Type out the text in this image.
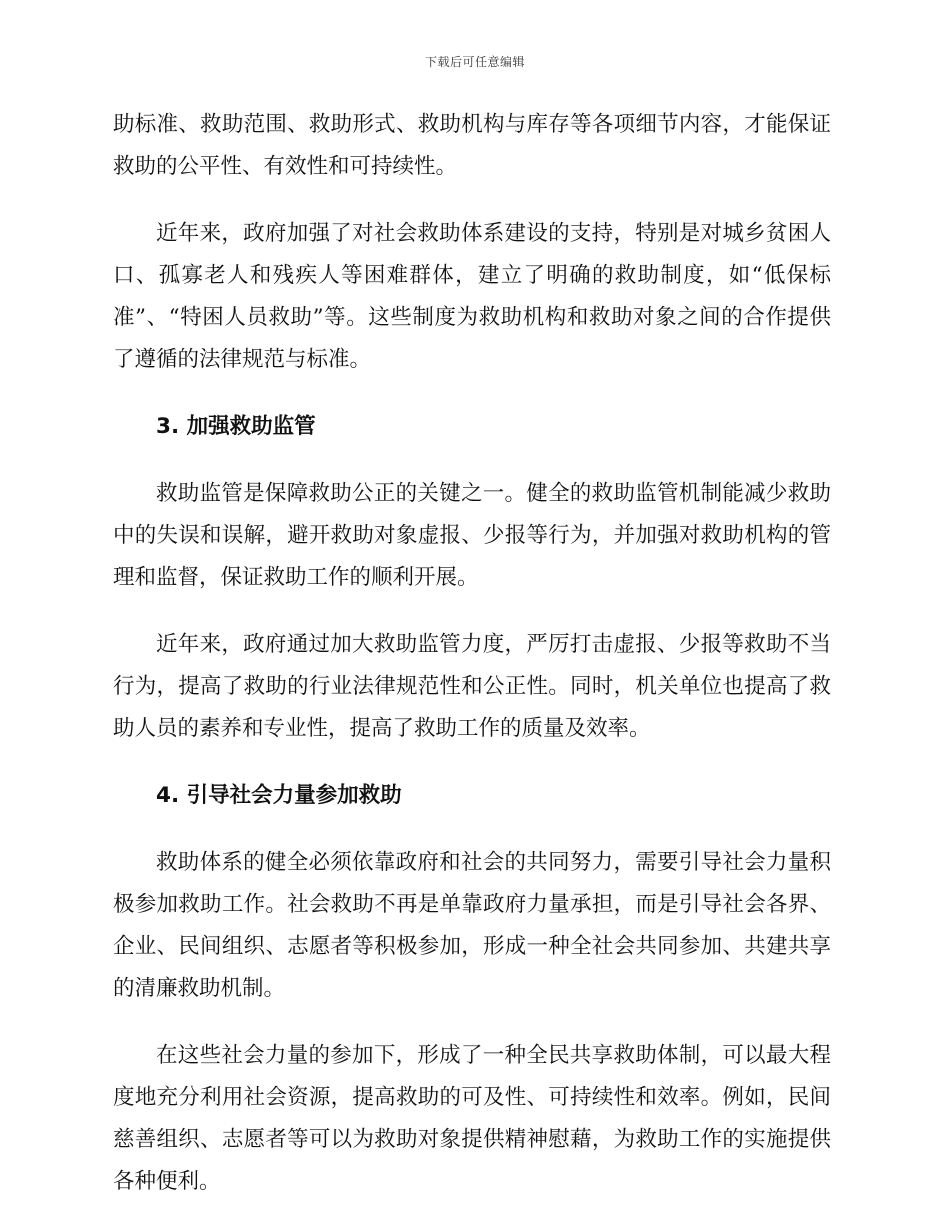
下载后可任意编辑

助标准、救助范围、救助形式、救助机构与库存等各项细节内容，才能保证救助的公平性、有效性和可持续性。

近年来，政府加强了对社会救助体系建设的支持，特别是对城乡贫困人口、孤寡老人和残疾人等困难群体，建立了明确的救助制度，如“低保标准”、“特困人员救助”等。这些制度为救助机构和救助对象之间的合作提供了遵循的法律规范与标准。

3. 加强救助监管

救助监管是保障救助公正的关键之一。健全的救助监管机制能减少救助中的失误和误解，避开救助对象虚报、少报等行为，并加强对救助机构的管理和监督，保证救助工作的顺利开展。

近年来，政府通过加大救助监管力度，严厉打击虚报、少报等救助不当行为，提高了救助的行业法律规范性和公正性。同时，机关单位也提高了救助人员的素养和专业性，提高了救助工作的质量及效率。

4. 引导社会力量参加救助

救助体系的健全必须依靠政府和社会的共同努力，需要引导社会力量积极参加救助工作。社会救助不再是单靠政府力量承担，而是引导社会各界、企业、民间组织、志愿者等积极参加，形成一种全社会共同参加、共建共享的清廉救助机制。

在这些社会力量的参加下，形成了一种全民共享救助体制，可以最大程度地充分利用社会资源，提高救助的可及性、可持续性和效率。例如，民间慈善组织、志愿者等可以为救助对象提供精神慰藉，为救助工作的实施提供各种便利。
